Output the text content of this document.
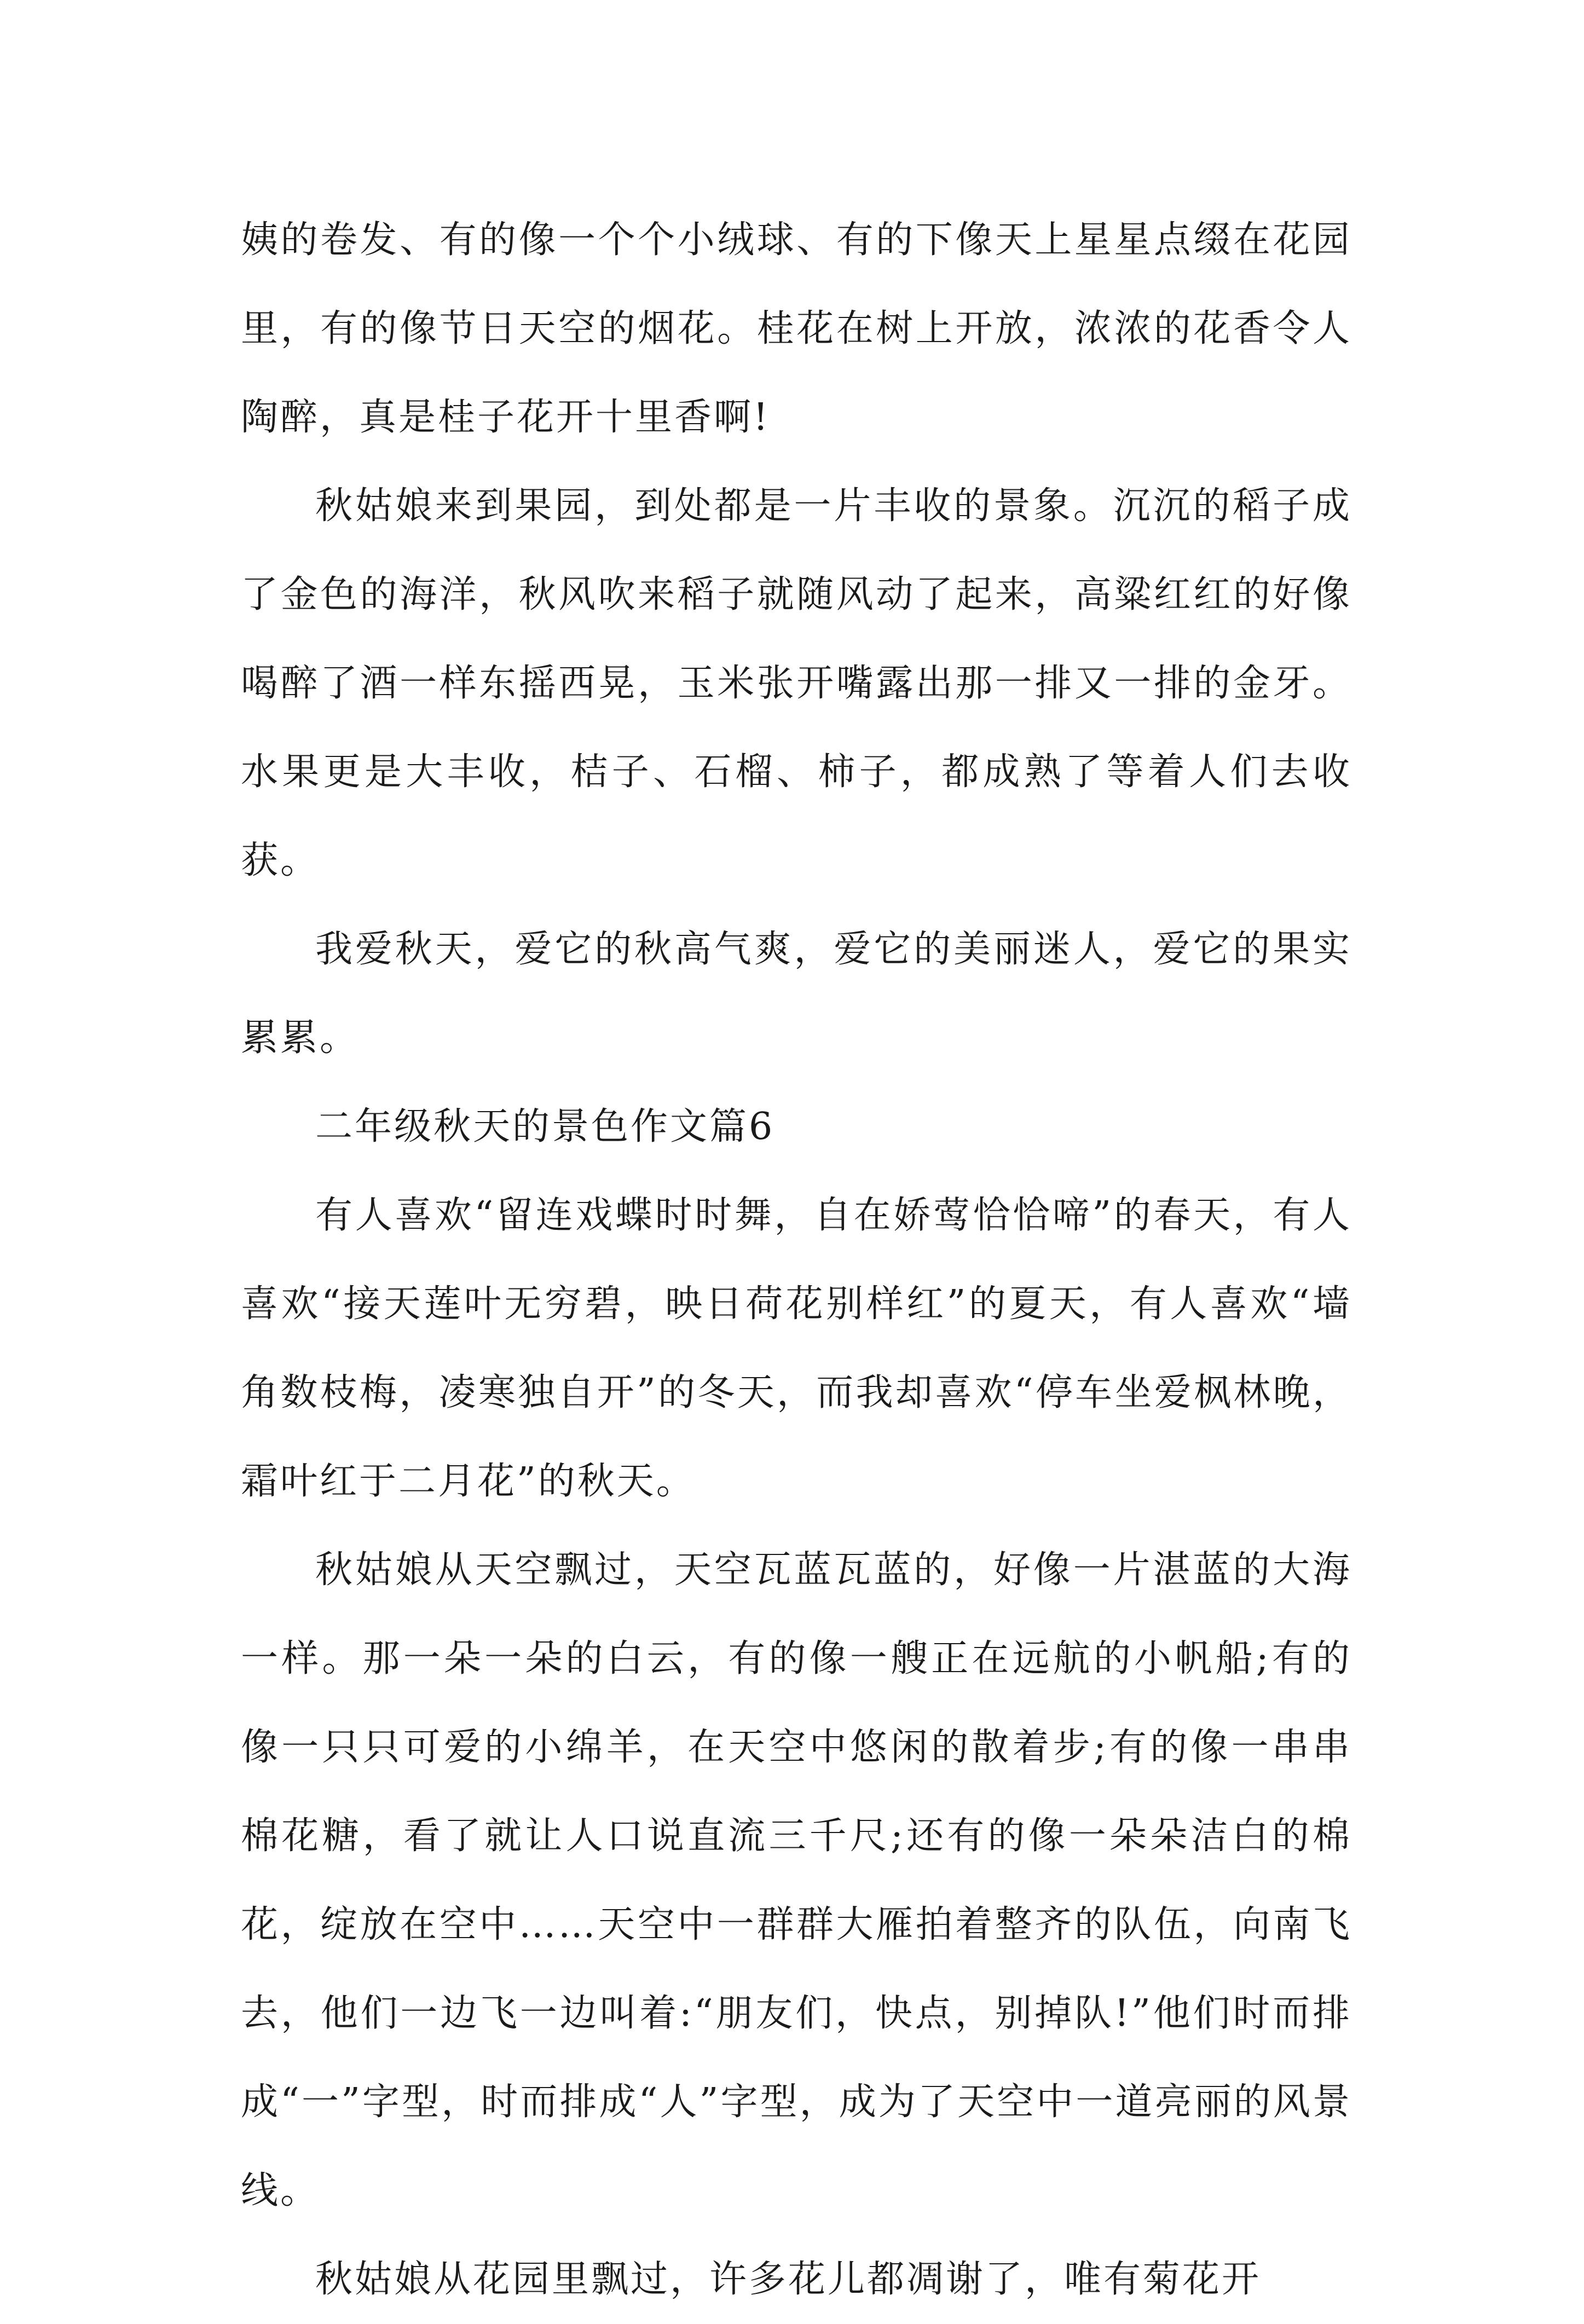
姨的卷发、有的像一个个小绒球、有的下像天上星星点缀在花园里，有的像节日天空的烟花。桂花在树上开放，浓浓的花香令人陶醉，真是桂子花开十里香啊!

秋姑娘来到果园，到处都是一片丰收的景象。沉沉的稻子成了金色的海洋，秋风吹来稻子就随风动了起来，高粱红红的好像喝醉了酒一样东摇西晃，玉米张开嘴露出那一排又一排的金牙。水果更是大丰收，桔子、石榴、柿子，都成熟了等着人们去收获。

我爱秋天，爱它的秋高气爽，爱它的美丽迷人，爱它的果实累累。

二年级秋天的景色作文篇6

有人喜欢“留连戏蝶时时舞，自在娇莺恰恰啼”的春天，有人喜欢“接天莲叶无穷碧，映日荷花别样红”的夏天，有人喜欢“墙角数枝梅，凌寒独自开”的冬天，而我却喜欢“停车坐爱枫林晚，霜叶红于二月花”的秋天。

秋姑娘从天空飘过，天空瓦蓝瓦蓝的，好像一片湛蓝的大海一样。那一朵一朵的白云，有的像一艘正在远航的小帆船;有的像一只只可爱的小绵羊，在天空中悠闲的散着步;有的像一串串棉花糖，看了就让人口说直流三千尺;还有的像一朵朵洁白的棉花，绽放在空中……天空中一群群大雁拍着整齐的队伍，向南飞去，他们一边飞一边叫着:“朋友们，快点，别掉队!”他们时而排成“一”字型，时而排成“人”字型，成为了天空中一道亮丽的风景线。

秋姑娘从花园里飘过，许多花儿都凋谢了，唯有菊花开
